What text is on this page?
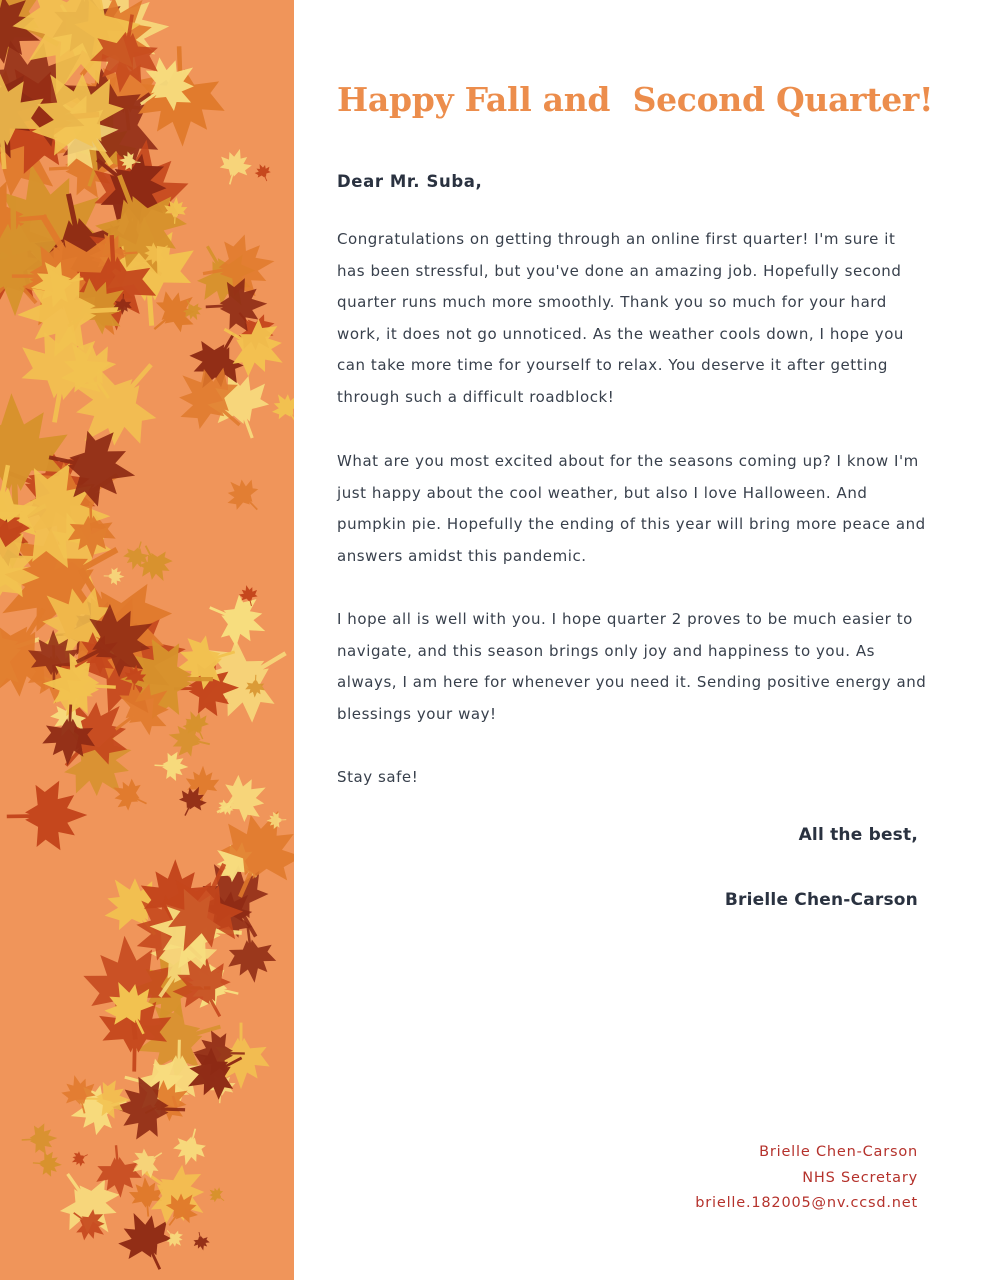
Happy Fall and  Second Quarter!

Dear Mr. Suba,

Congratulations on getting through an online first quarter! I'm sure it has been stressful, but you've done an amazing job. Hopefully second quarter runs much more smoothly. Thank you so much for your hard work, it does not go unnoticed. As the weather cools down, I hope you can take more time for yourself to relax. You deserve it after getting through such a difficult roadblock!

What are you most excited about for the seasons coming up? I know I'm just happy about the cool weather, but also I love Halloween. And pumpkin pie. Hopefully the ending of this year will bring more peace and answers amidst this pandemic.

I hope all is well with you. I hope quarter 2 proves to be much easier to navigate, and this season brings only joy and happiness to you. As always, I am here for whenever you need it. Sending positive energy and blessings your way!

Stay safe!

All the best,

Brielle Chen-Carson

Brielle Chen-Carson
NHS Secretary
brielle.182005@nv.ccsd.net
